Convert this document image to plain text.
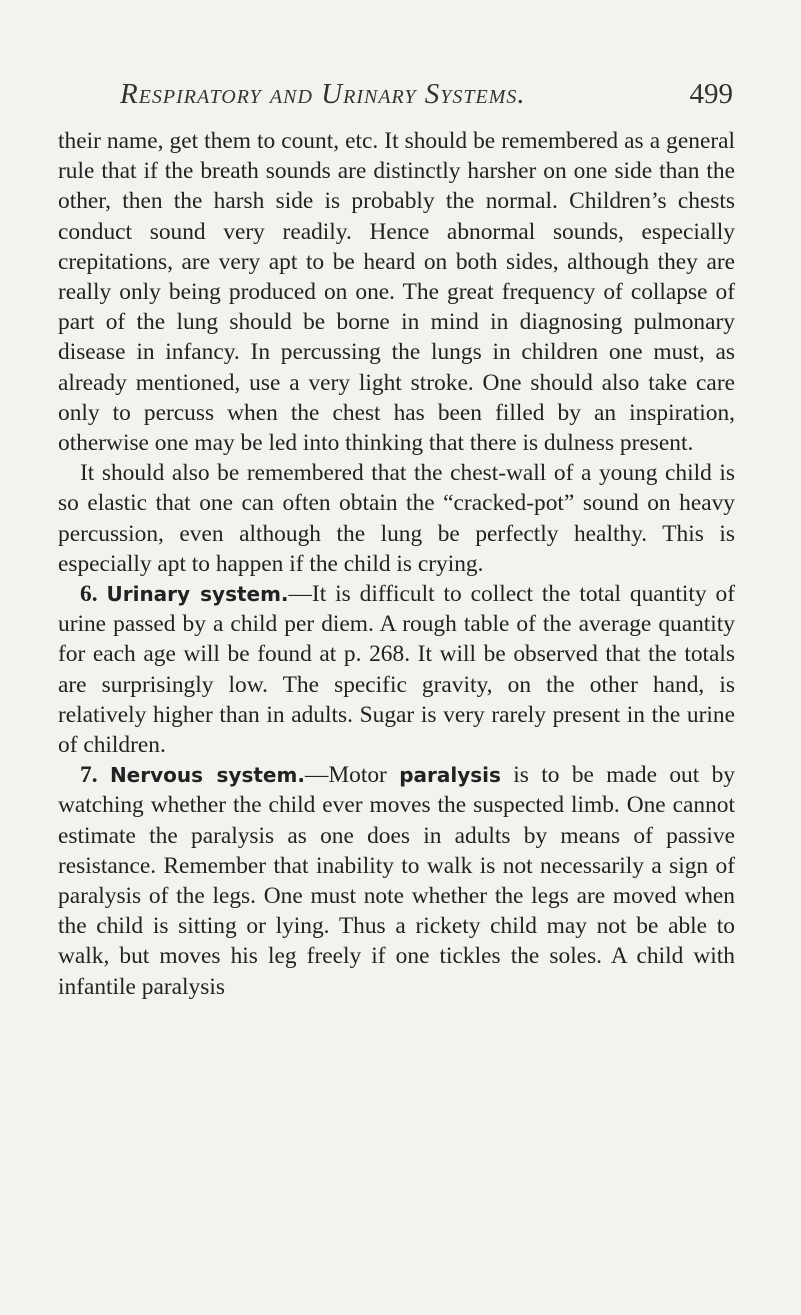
Respiratory and Urinary Systems.	499

their name, get them to count, etc. It should be remembered as a general rule that if the breath sounds are distinctly harsher on one side than the other, then the harsh side is probably the normal. Children’s chests conduct sound very readily. Hence abnormal sounds, especially crepitations, are very apt to be heard on both sides, although they are really only being produced on one. The great frequency of collapse of part of the lung should be borne in mind in diagnosing pulmonary disease in infancy. In percussing the lungs in children one must, as already mentioned, use a very light stroke. One should also take care only to percuss when the chest has been filled by an inspiration, otherwise one may be led into thinking that there is dulness present.

It should also be remembered that the chest-wall of a young child is so elastic that one can often obtain the “cracked-pot” sound on heavy percussion, even although the lung be perfectly healthy. This is especially apt to happen if the child is crying.

6. Urinary system.—It is difficult to collect the total quantity of urine passed by a child per diem. A rough table of the average quantity for each age will be found at p. 268. It will be observed that the totals are surprisingly low. The specific gravity, on the other hand, is relatively higher than in adults. Sugar is very rarely present in the urine of children.

7. Nervous system.—Motor paralysis is to be made out by watching whether the child ever moves the suspected limb. One cannot estimate the paralysis as one does in adults by means of passive resistance. Remember that inability to walk is not necessarily a sign of paralysis of the legs. One must note whether the legs are moved when the child is sitting or lying. Thus a rickety child may not be able to walk, but moves his leg freely if one tickles the soles. A child with infantile paralysis
